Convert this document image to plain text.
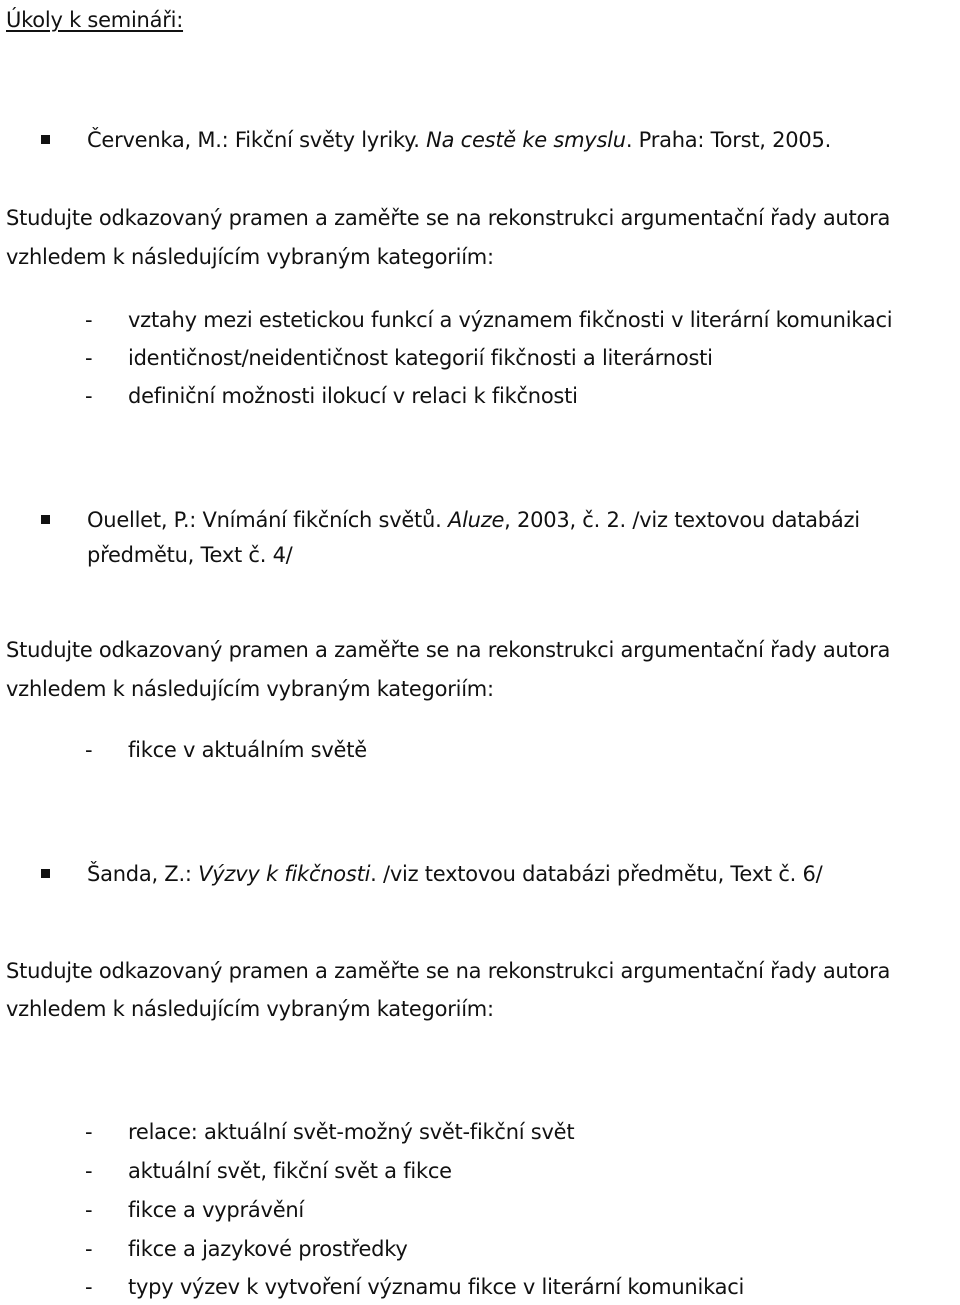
Úkoly k semináři:
Červenka, M.: Fikční světy lyriky. Na cestě ke smyslu. Praha: Torst, 2005.
Studujte odkazovaný pramen a zaměřte se na rekonstrukci argumentační řady autora
vzhledem k následujícím vybraným kategoriím:
-	vztahy mezi estetickou funkcí a významem fikčnosti v literární komunikaci
-	identičnost/neidentičnost kategorií fikčnosti a literárnosti
-	definiční možnosti ilokucí v relaci k fikčnosti
Ouellet, P.: Vnímání fikčních světů. Aluze, 2003, č. 2. /viz textovou databázi
předmětu, Text č. 4/
Studujte odkazovaný pramen a zaměřte se na rekonstrukci argumentační řady autora
vzhledem k následujícím vybraným kategoriím:
-	fikce v aktuálním světě
Šanda, Z.: Výzvy k fikčnosti. /viz textovou databázi předmětu, Text č. 6/
Studujte odkazovaný pramen a zaměřte se na rekonstrukci argumentační řady autora
vzhledem k následujícím vybraným kategoriím:
-	relace: aktuální svět-možný svět-fikční svět
-	aktuální svět, fikční svět a fikce
-	fikce a vyprávění
-	fikce a jazykové prostředky
-	typy výzev k vytvoření významu fikce v literární komunikaci
